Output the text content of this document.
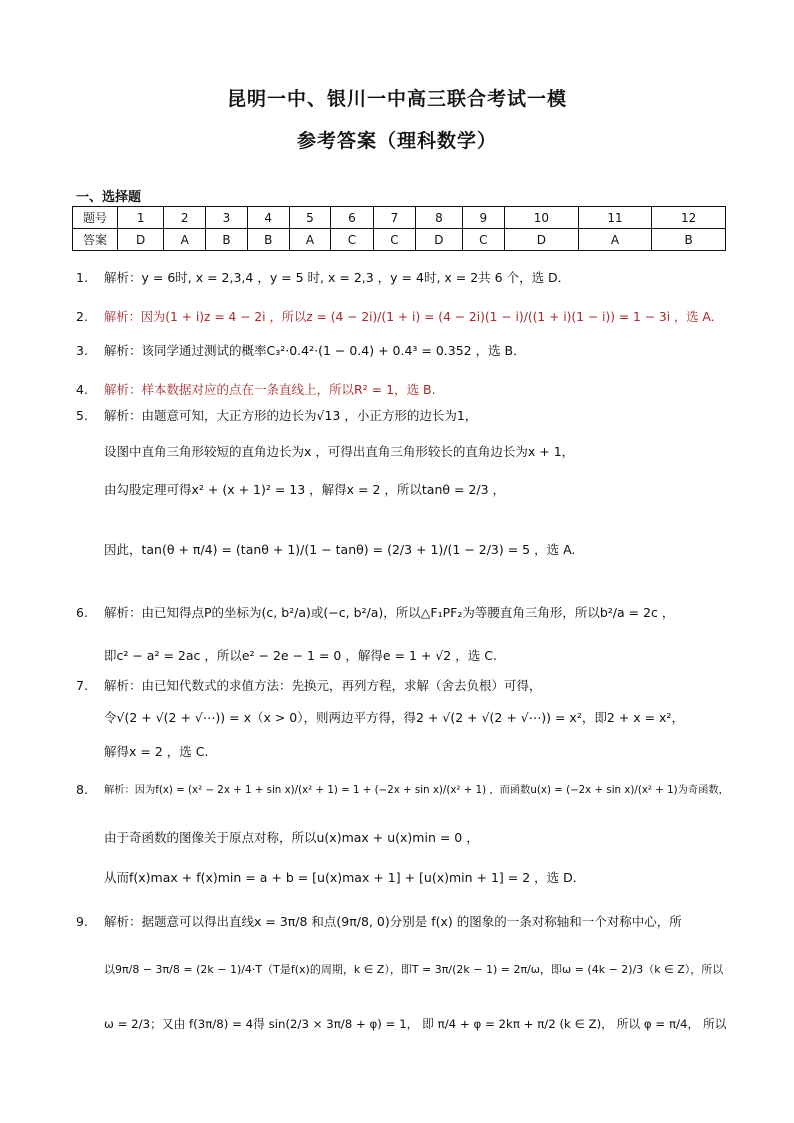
昆明一中、银川一中高三联合考试一模
参考答案（理科数学）
一、选择题
题号	1	2	3	4	5	6	7	8	9	10	11	12
答案	D	A	B	B	A	C	C	D	C	D	A	B
1.
2.
3.
4.
5.
6.
7.
8.
9.
解析：y = 6时, x = 2,3,4 ，y = 5 时, x = 2,3 ，y = 4时, x = 2共 6 个，选 D．
解析：因为(1 + i)z = 4 − 2i ，所以z = (4 − 2i)/(1 + i) = (4 − 2i)(1 − i)/((1 + i)(1 − i)) = 1 − 3i ，选 A．
解析：该同学通过测试的概率C₃²·0.4²·(1 − 0.4) + 0.4³ = 0.352 ，选 B．
解析：样本数据对应的点在一条直线上，所以R² = 1，选 B.
解析：由题意可知，大正方形的边长为√13 ，小正方形的边长为1，
设图中直角三角形较短的直角边长为x ，可得出直角三角形较长的直角边长为x + 1，
由勾股定理可得x² + (x + 1)² = 13 ，解得x = 2 ，所以tanθ = 2/3 ，
因此，tan(θ + π/4) = (tanθ + 1)/(1 − tanθ) = (2/3 + 1)/(1 − 2/3) = 5 ，选 A.
解析：由已知得点P的坐标为(c, b²/a)或(−c, b²/a)，所以△F₁PF₂为等腰直角三角形，所以b²/a = 2c ，
即c² − a² = 2ac ，所以e² − 2e − 1 = 0 ，解得e = 1 + √2 ，选 C.
解析：由已知代数式的求值方法：先换元，再列方程，求解（舍去负根）可得，
令√(2 + √(2 + √⋯)) = x（x > 0），则两边平方得，得2 + √(2 + √(2 + √⋯)) = x²，即2 + x = x²，
解得x = 2 ，选 C.
解析：因为f(x) = (x² − 2x + 1 + sin x)/(x² + 1) = 1 + (−2x + sin x)/(x² + 1) ，而函数u(x) = (−2x + sin x)/(x² + 1)为奇函数，
由于奇函数的图像关于原点对称，所以u(x)max + u(x)min = 0 ，
从而f(x)max + f(x)min = a + b = [u(x)max + 1] + [u(x)min + 1] = 2 ，选 D．
解析：据题意可以得出直线x = 3π/8 和点(9π/8, 0)分别是 f(x) 的图象的一条对称轴和一个对称中心，所
以9π/8 − 3π/8 = (2k − 1)/4·T（T是f(x)的周期，k ∈ Z），即T = 3π/(2k − 1) = 2π/ω，即ω = (4k − 2)/3（k ∈ Z），所以
ω = 2/3；又由 f(3π/8) = 4得 sin(2/3 × 3π/8 + φ) = 1， 即 π/4 + φ = 2kπ + π/2 (k ∈ Z)， 所以 φ = π/4， 所以
